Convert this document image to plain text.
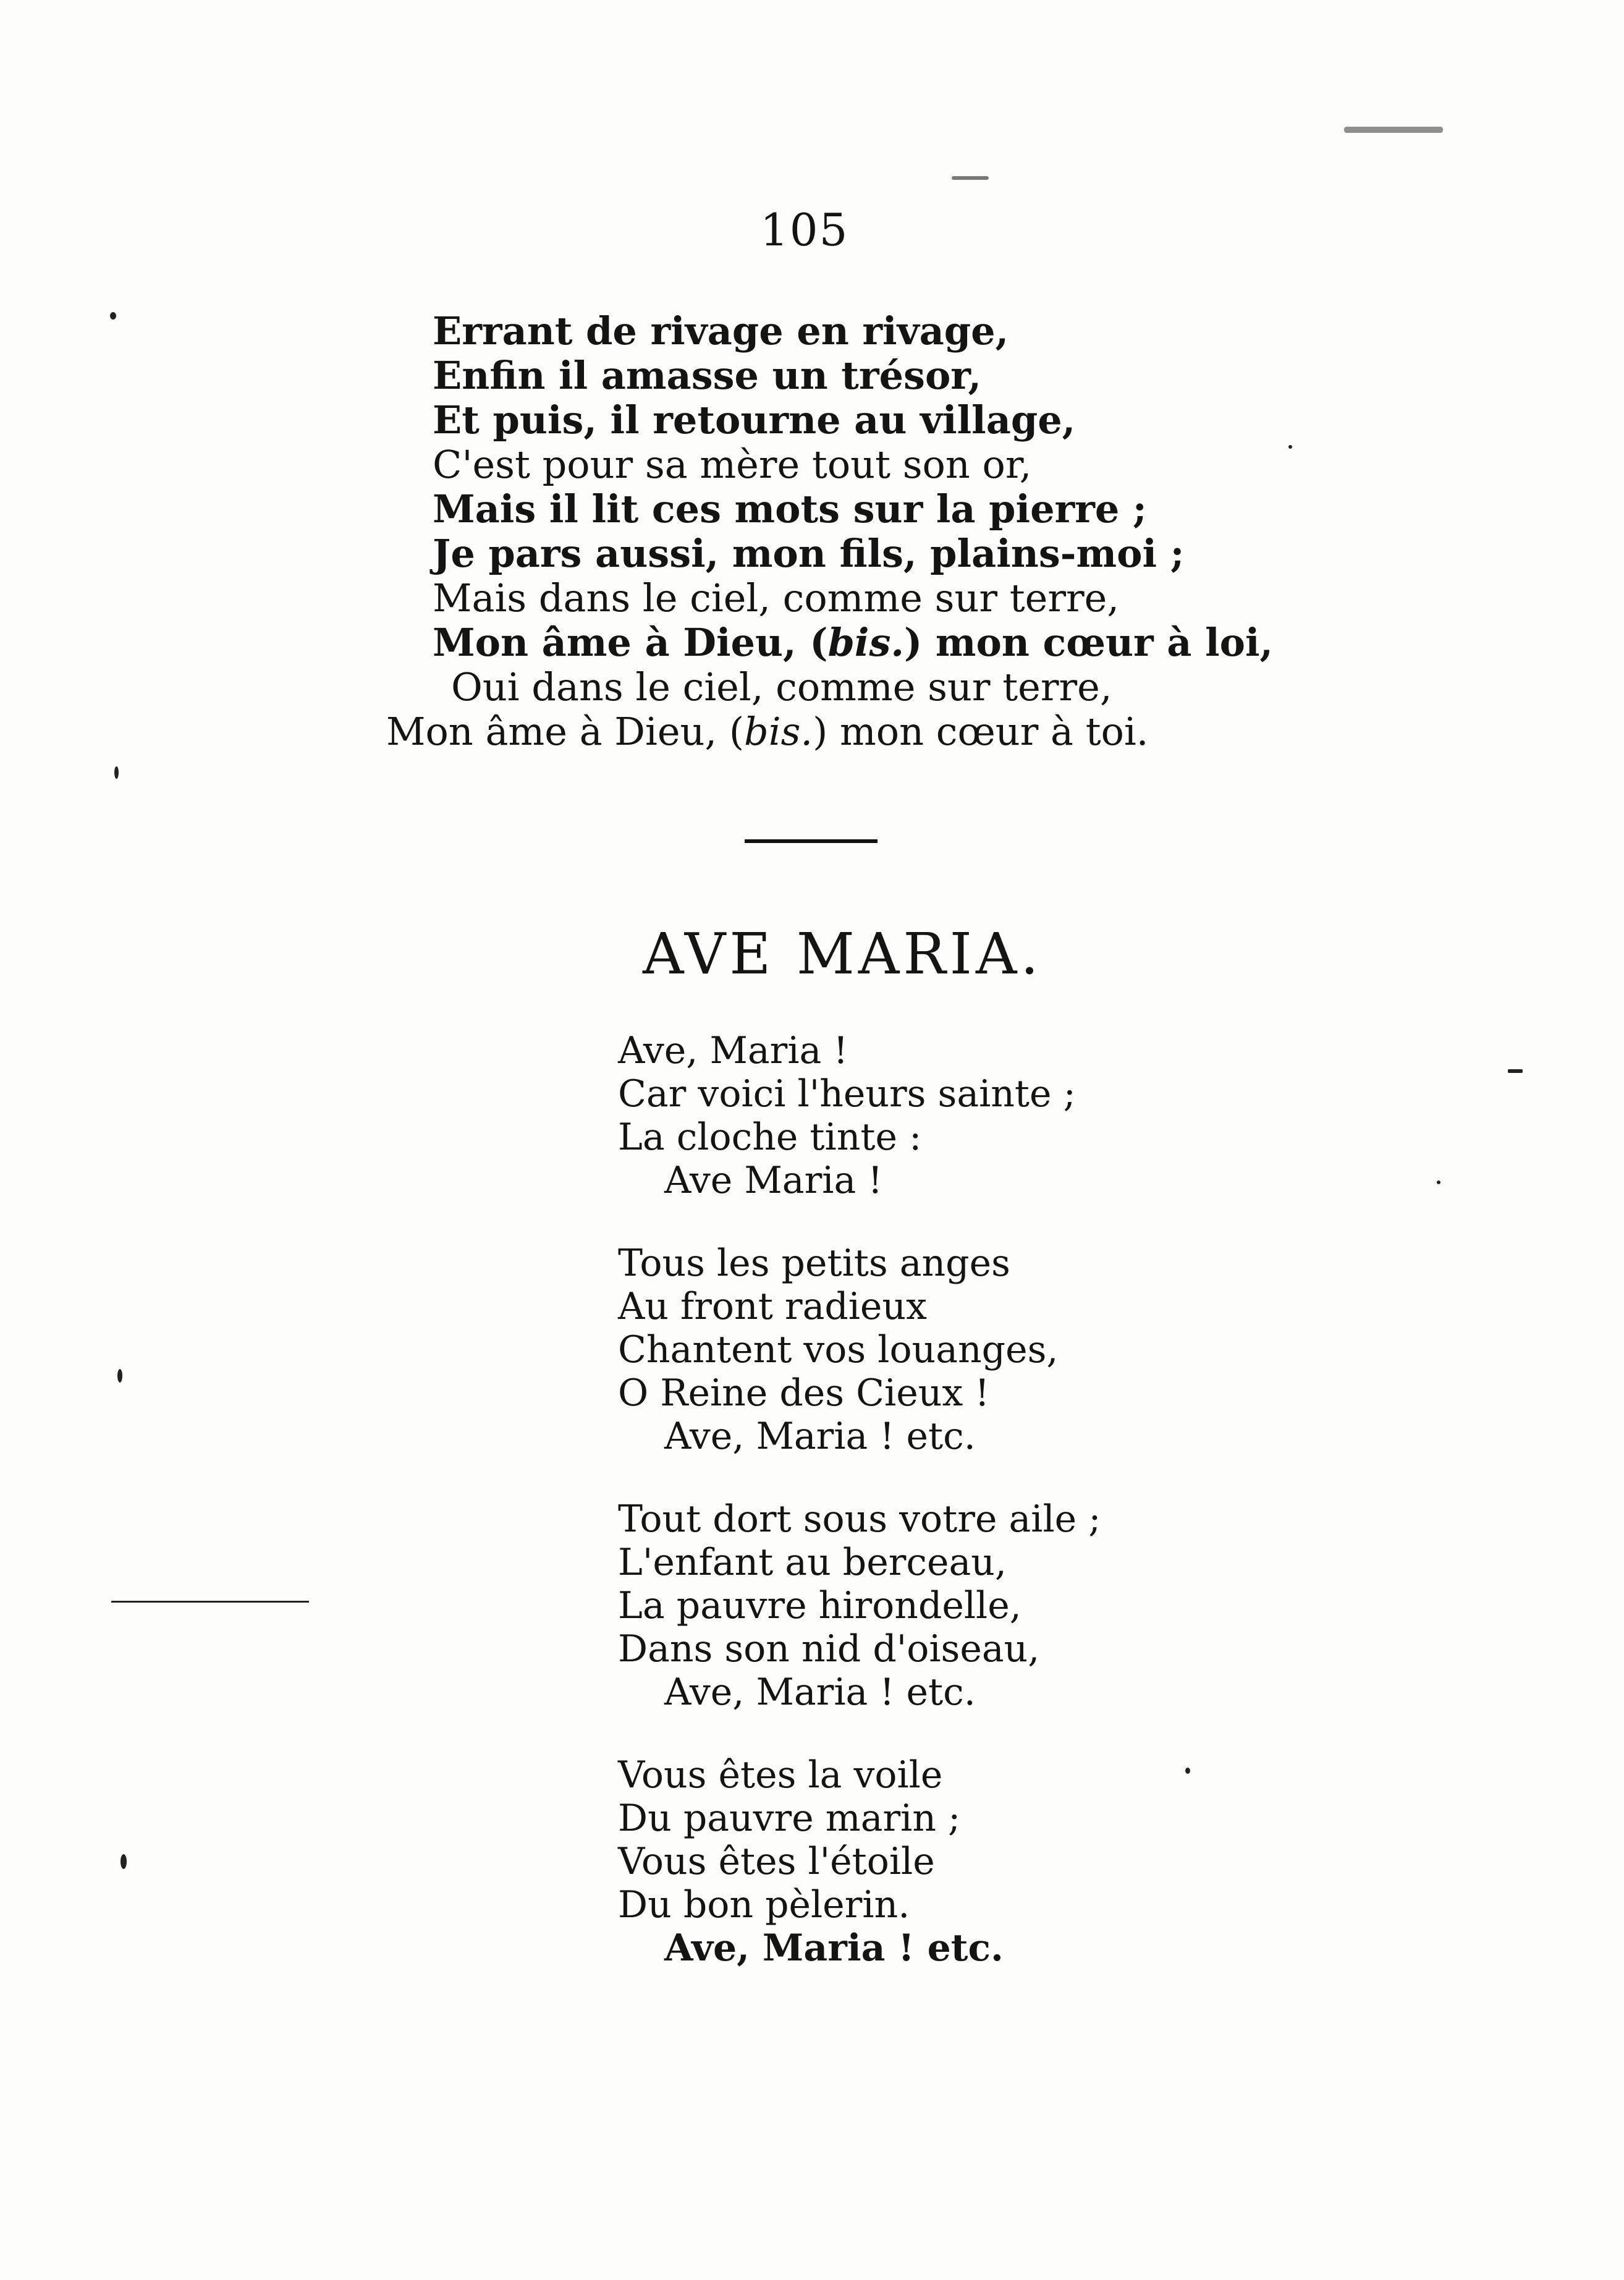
105
Errant de rivage en rivage,
Enfin il amasse un trésor,
Et puis, il retourne au village,
C'est pour sa mère tout son or,
Mais il lit ces mots sur la pierre ;
Je pars aussi, mon fils, plains-moi ;
Mais dans le ciel, comme sur terre,
Mon âme à Dieu, (bis.) mon cœur à loi,
Oui dans le ciel, comme sur terre,
Mon âme à Dieu, (bis.) mon cœur à toi.
AVE MARIA.
Ave, Maria !
Car voici l'heurs sainte ;
La cloche tinte :
Ave Maria !
Tous les petits anges
Au front radieux
Chantent vos louanges,
O Reine des Cieux !
Ave, Maria ! etc.
Tout dort sous votre aile ;
L'enfant au berceau,
La pauvre hirondelle,
Dans son nid d'oiseau,
Ave, Maria ! etc.
Vous êtes la voile
Du pauvre marin ;
Vous êtes l'étoile
Du bon pèlerin.
Ave, Maria ! etc.
